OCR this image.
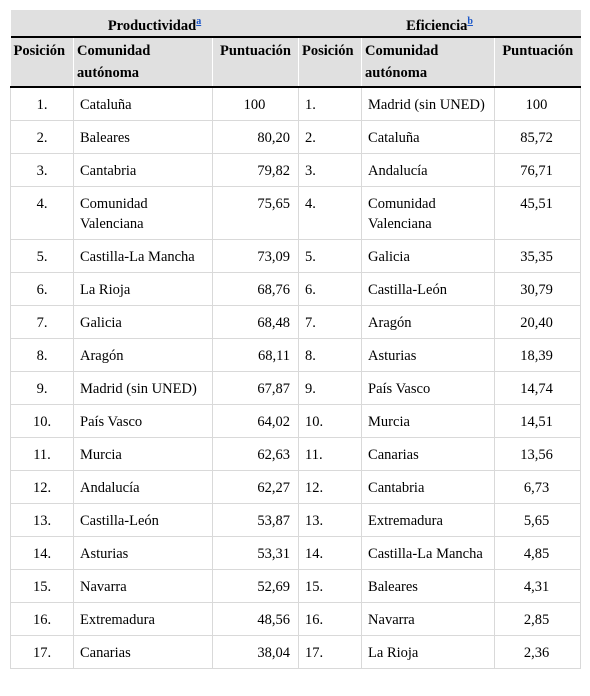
Productividad$^a$			Eficiencia$^b$
Posición	Comunidad autónoma	Puntuación	Posición	Comunidad autónoma	Puntuación
1.	Cataluña	100	1.	Madrid (sin UNED)	100
2.	Baleares	80,20	2.	Cataluña	85,72
3.	Cantabria	79,82	3.	Andalucía	76,71
4.	Comunidad Valenciana	75,65	4.	Comunidad Valenciana	45,51
5.	Castilla-La Mancha	73,09	5.	Galicia	35,35
6.	La Rioja	68,76	6.	Castilla-León	30,79
7.	Galicia	68,48	7.	Aragón	20,40
8.	Aragón	68,11	8.	Asturias	18,39
9.	Madrid (sin UNED)	67,87	9.	País Vasco	14,74
10.	País Vasco	64,02	10.	Murcia	14,51
11.	Murcia	62,63	11.	Canarias	13,56
12.	Andalucía	62,27	12.	Cantabria	6,73
13.	Castilla-León	53,87	13.	Extremadura	5,65
14.	Asturias	53,31	14.	Castilla-La Mancha	4,85
15.	Navarra	52,69	15.	Baleares	4,31
16.	Extremadura	48,56	16.	Navarra	2,85
17.	Canarias	38,04	17.	La Rioja	2,36
